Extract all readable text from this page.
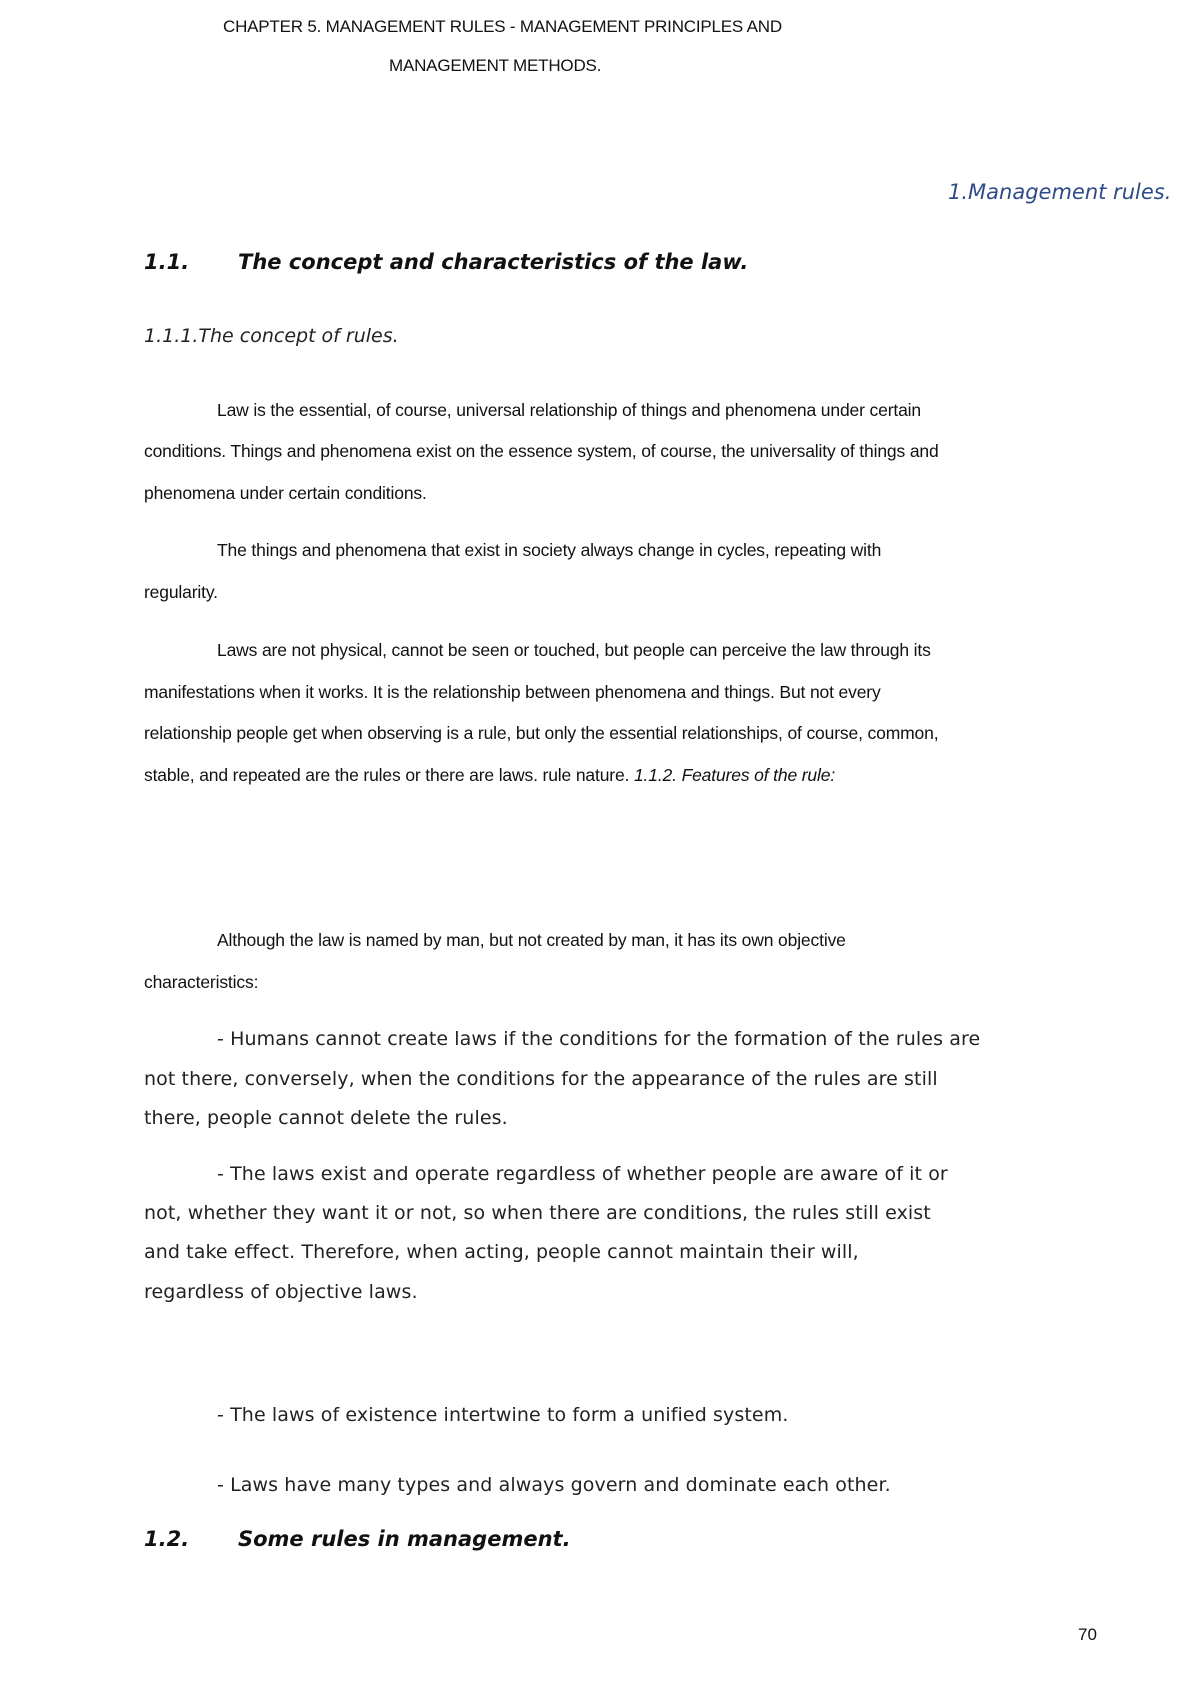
CHAPTER 5. MANAGEMENT RULES - MANAGEMENT PRINCIPLES AND
MANAGEMENT METHODS.
1.Management rules.
1.1. The concept and characteristics of the law.
1.1.1.The concept of rules.
Law is the essential, of course, universal relationship of things and phenomena under certain
conditions. Things and phenomena exist on the essence system, of course, the universality of things and
phenomena under certain conditions.
The things and phenomena that exist in society always change in cycles, repeating with
regularity.
Laws are not physical, cannot be seen or touched, but people can perceive the law through its
manifestations when it works. It is the relationship between phenomena and things. But not every
relationship people get when observing is a rule, but only the essential relationships, of course, common,
stable, and repeated are the rules or there are laws. rule nature. 1.1.2. Features of the rule:
Although the law is named by man, but not created by man, it has its own objective
characteristics:
- Humans cannot create laws if the conditions for the formation of the rules are
not there, conversely, when the conditions for the appearance of the rules are still
there, people cannot delete the rules.
- The laws exist and operate regardless of whether people are aware of it or
not, whether they want it or not, so when there are conditions, the rules still exist
and take effect. Therefore, when acting, people cannot maintain their will,
regardless of objective laws.
- The laws of existence intertwine to form a unified system.
- Laws have many types and always govern and dominate each other.
1.2. Some rules in management.
70
